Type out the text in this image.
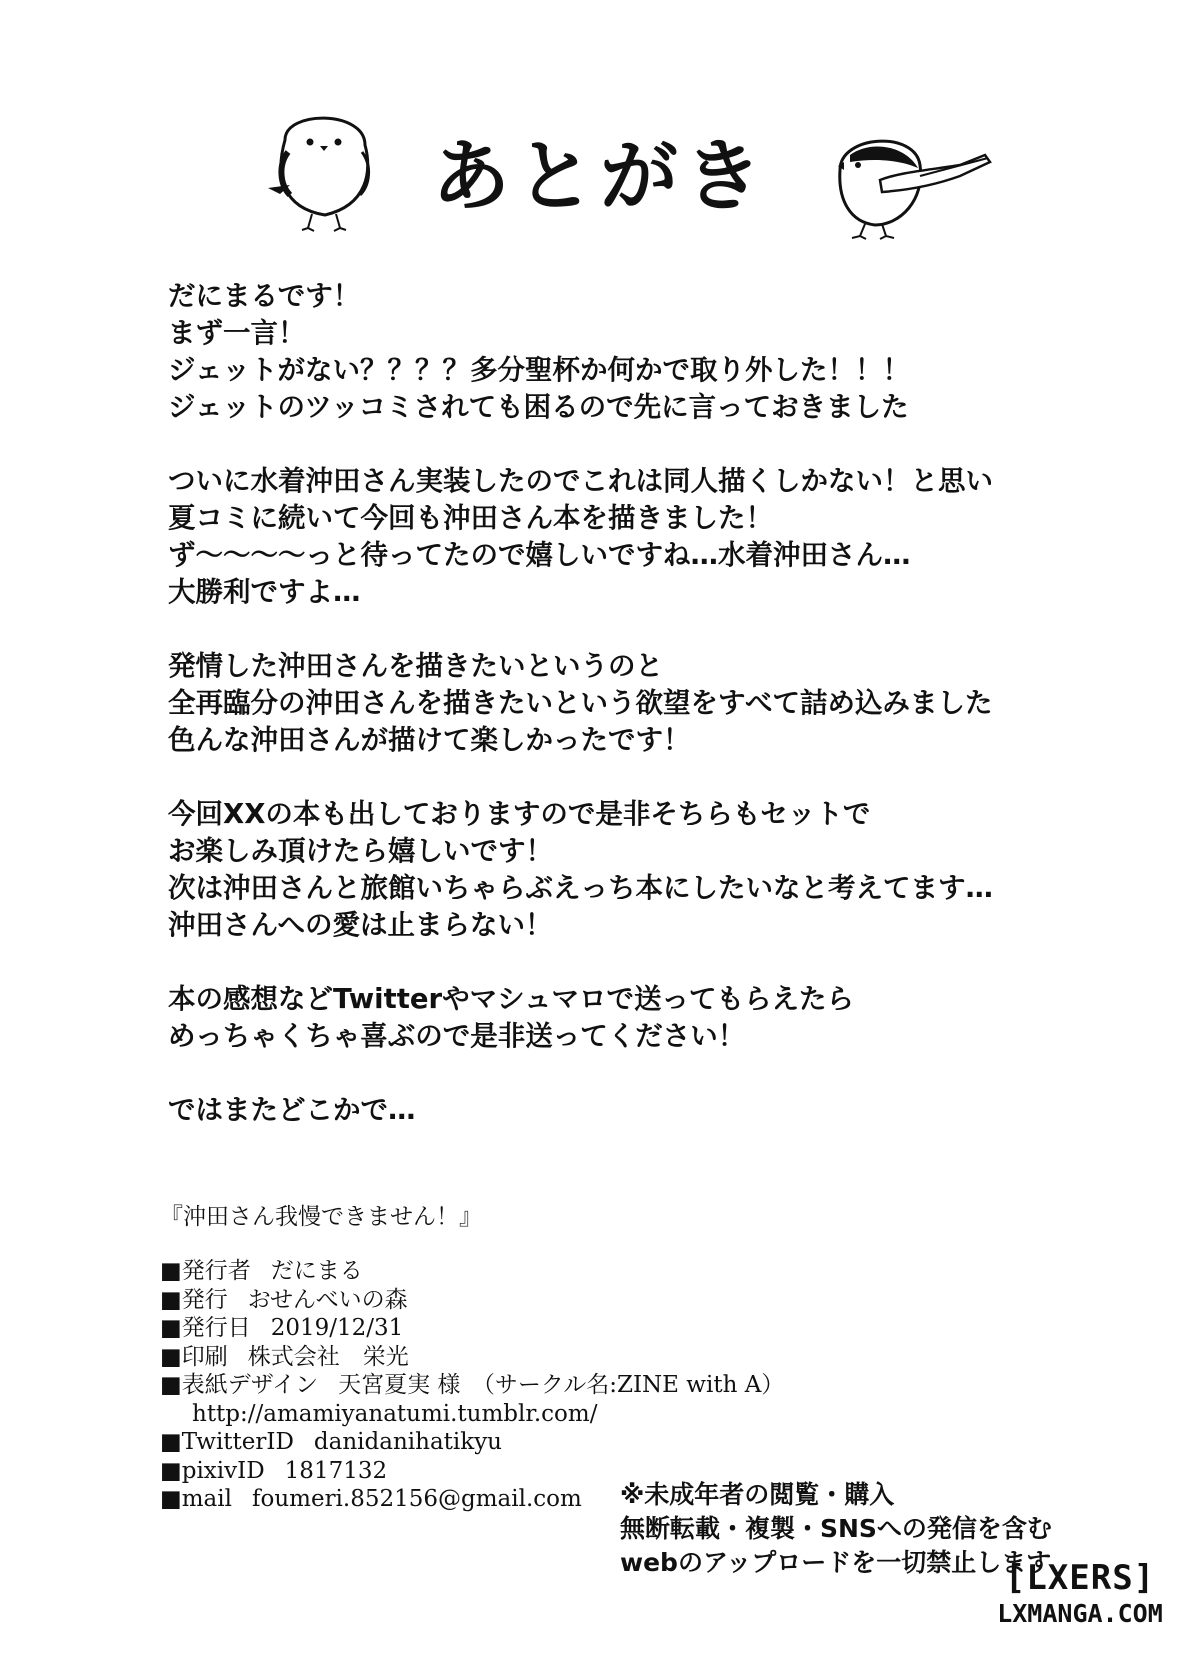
あとがき
だにまるです！
まず一言！
ジェットがない？？？？多分聖杯か何かで取り外した！！！
ジェットのツッコミされても困るので先に言っておきました
ついに水着沖田さん実装したのでこれは同人描くしかない！と思い
夏コミに続いて今回も沖田さん本を描きました！
ず〜〜〜〜っと待ってたので嬉しいですね…水着沖田さん…
大勝利ですよ…
発情した沖田さんを描きたいというのと
全再臨分の沖田さんを描きたいという欲望をすべて詰め込みました
色んな沖田さんが描けて楽しかったです！
今回XXの本も出しておりますので是非そちらもセットで
お楽しみ頂けたら嬉しいです！
次は沖田さんと旅館いちゃらぶえっち本にしたいなと考えてます…
沖田さんへの愛は止まらない！
本の感想などTwitterやマシュマロで送ってもらえたら
めっちゃくちゃ喜ぶので是非送ってください！
ではまたどこかで…
『沖田さん我慢できません！』
■発行者 だにまる
■発行 おせんべいの森
■発行日 2019/12/31
■印刷 株式会社　栄光
■表紙デザイン 天宮夏実 様　（サークル名:ZINE with A）
http://amamiyanatumi.tumblr.com/
■TwitterID danidanihatikyu
■pixivID 1817132
■mail foumeri.852156@gmail.com	※未成年者の閲覧・購入
無断転載・複製・SNSへの発信を含む
webのアップロードを一切禁止します
[LXERS]
LXMANGA.COM
